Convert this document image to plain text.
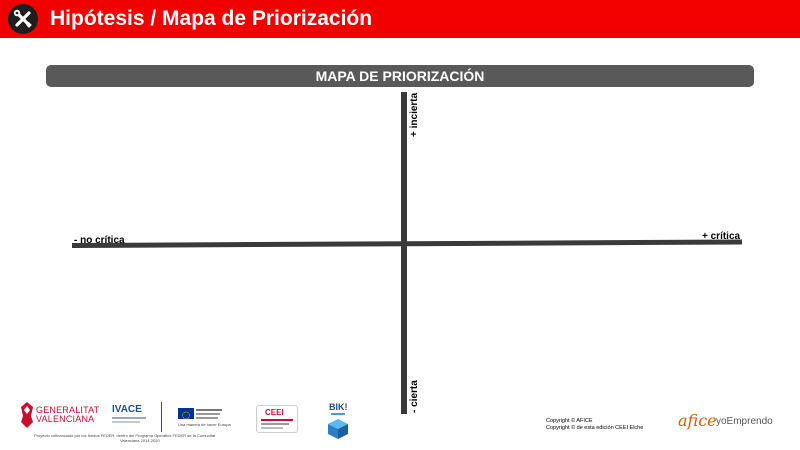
Hipótesis / Mapa de Priorización
MAPA DE PRIORIZACIÓN
+ incierta
- cierta
- no crítica	+ crítica
GENERALITAT
VALENCIANA
IVACE
Una manera de hacer Europa
Proyecto cofinanciado por los fondos FEDER, dentro del Programa Operativo FEDER de la Comunitat
Valenciana 2014-2020
CEEI
BIK!
Copyright © AFICE
Copyright © de esta edición CEEI Elche afice yoEmprendo
